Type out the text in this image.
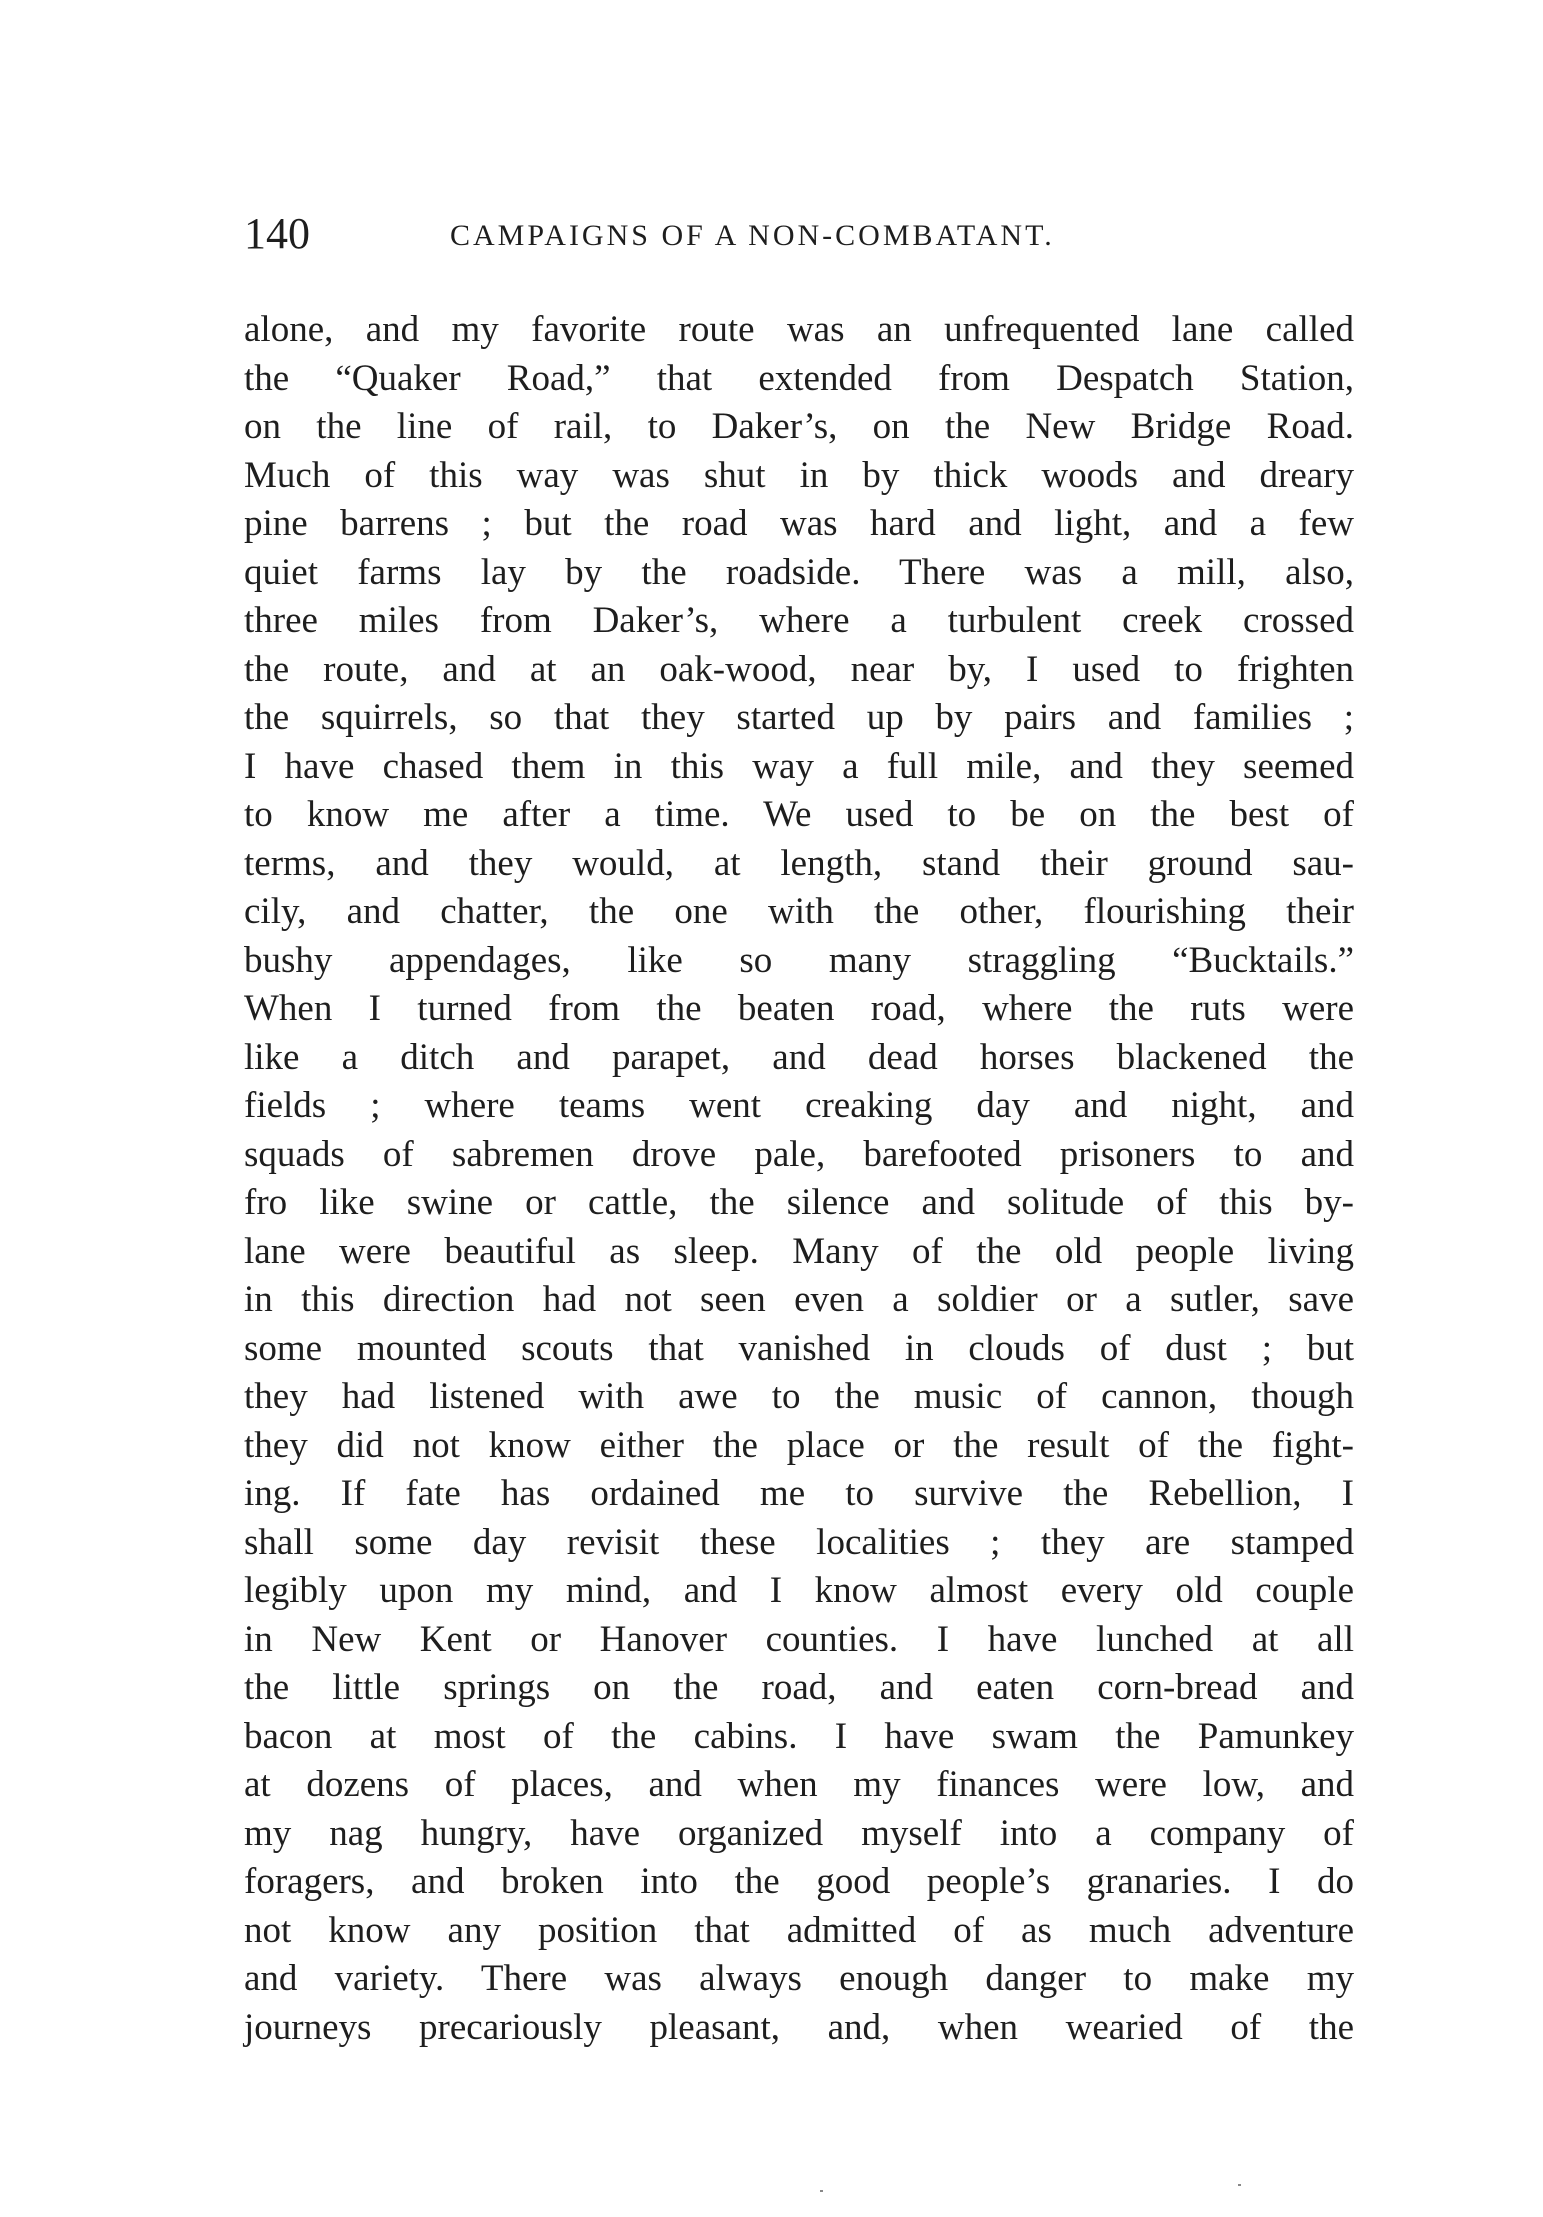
140	CAMPAIGNS OF A NON-COMBATANT.
alone, and my favorite route was an unfrequented lane called
the “Quaker Road,” that extended from Despatch Station,
on the line of rail, to Daker’s, on the New Bridge Road.
Much of this way was shut in by thick woods and dreary
pine barrens ; but the road was hard and light, and a few
quiet farms lay by the roadside. There was a mill, also,
three miles from Daker’s, where a turbulent creek crossed
the route, and at an oak-wood, near by, I used to frighten
the squirrels, so that they started up by pairs and families ;
I have chased them in this way a full mile, and they seemed
to know me after a time. We used to be on the best of
terms, and they would, at length, stand their ground sau-
cily, and chatter, the one with the other, flourishing their
bushy appendages, like so many straggling “Bucktails.”
When I turned from the beaten road, where the ruts were
like a ditch and parapet, and dead horses blackened the
fields ; where teams went creaking day and night, and
squads of sabremen drove pale, barefooted prisoners to and
fro like swine or cattle, the silence and solitude of this by-
lane were beautiful as sleep. Many of the old people living
in this direction had not seen even a soldier or a sutler, save
some mounted scouts that vanished in clouds of dust ; but
they had listened with awe to the music of cannon, though
they did not know either the place or the result of the fight-
ing. If fate has ordained me to survive the Rebellion, I
shall some day revisit these localities ; they are stamped
legibly upon my mind, and I know almost every old couple
in New Kent or Hanover counties. I have lunched at all
the little springs on the road, and eaten corn-bread and
bacon at most of the cabins. I have swam the Pamunkey
at dozens of places, and when my finances were low, and
my nag hungry, have organized myself into a company of
foragers, and broken into the good people’s granaries. I do
not know any position that admitted of as much adventure
and variety. There was always enough danger to make my
journeys precariously pleasant, and, when wearied of the
